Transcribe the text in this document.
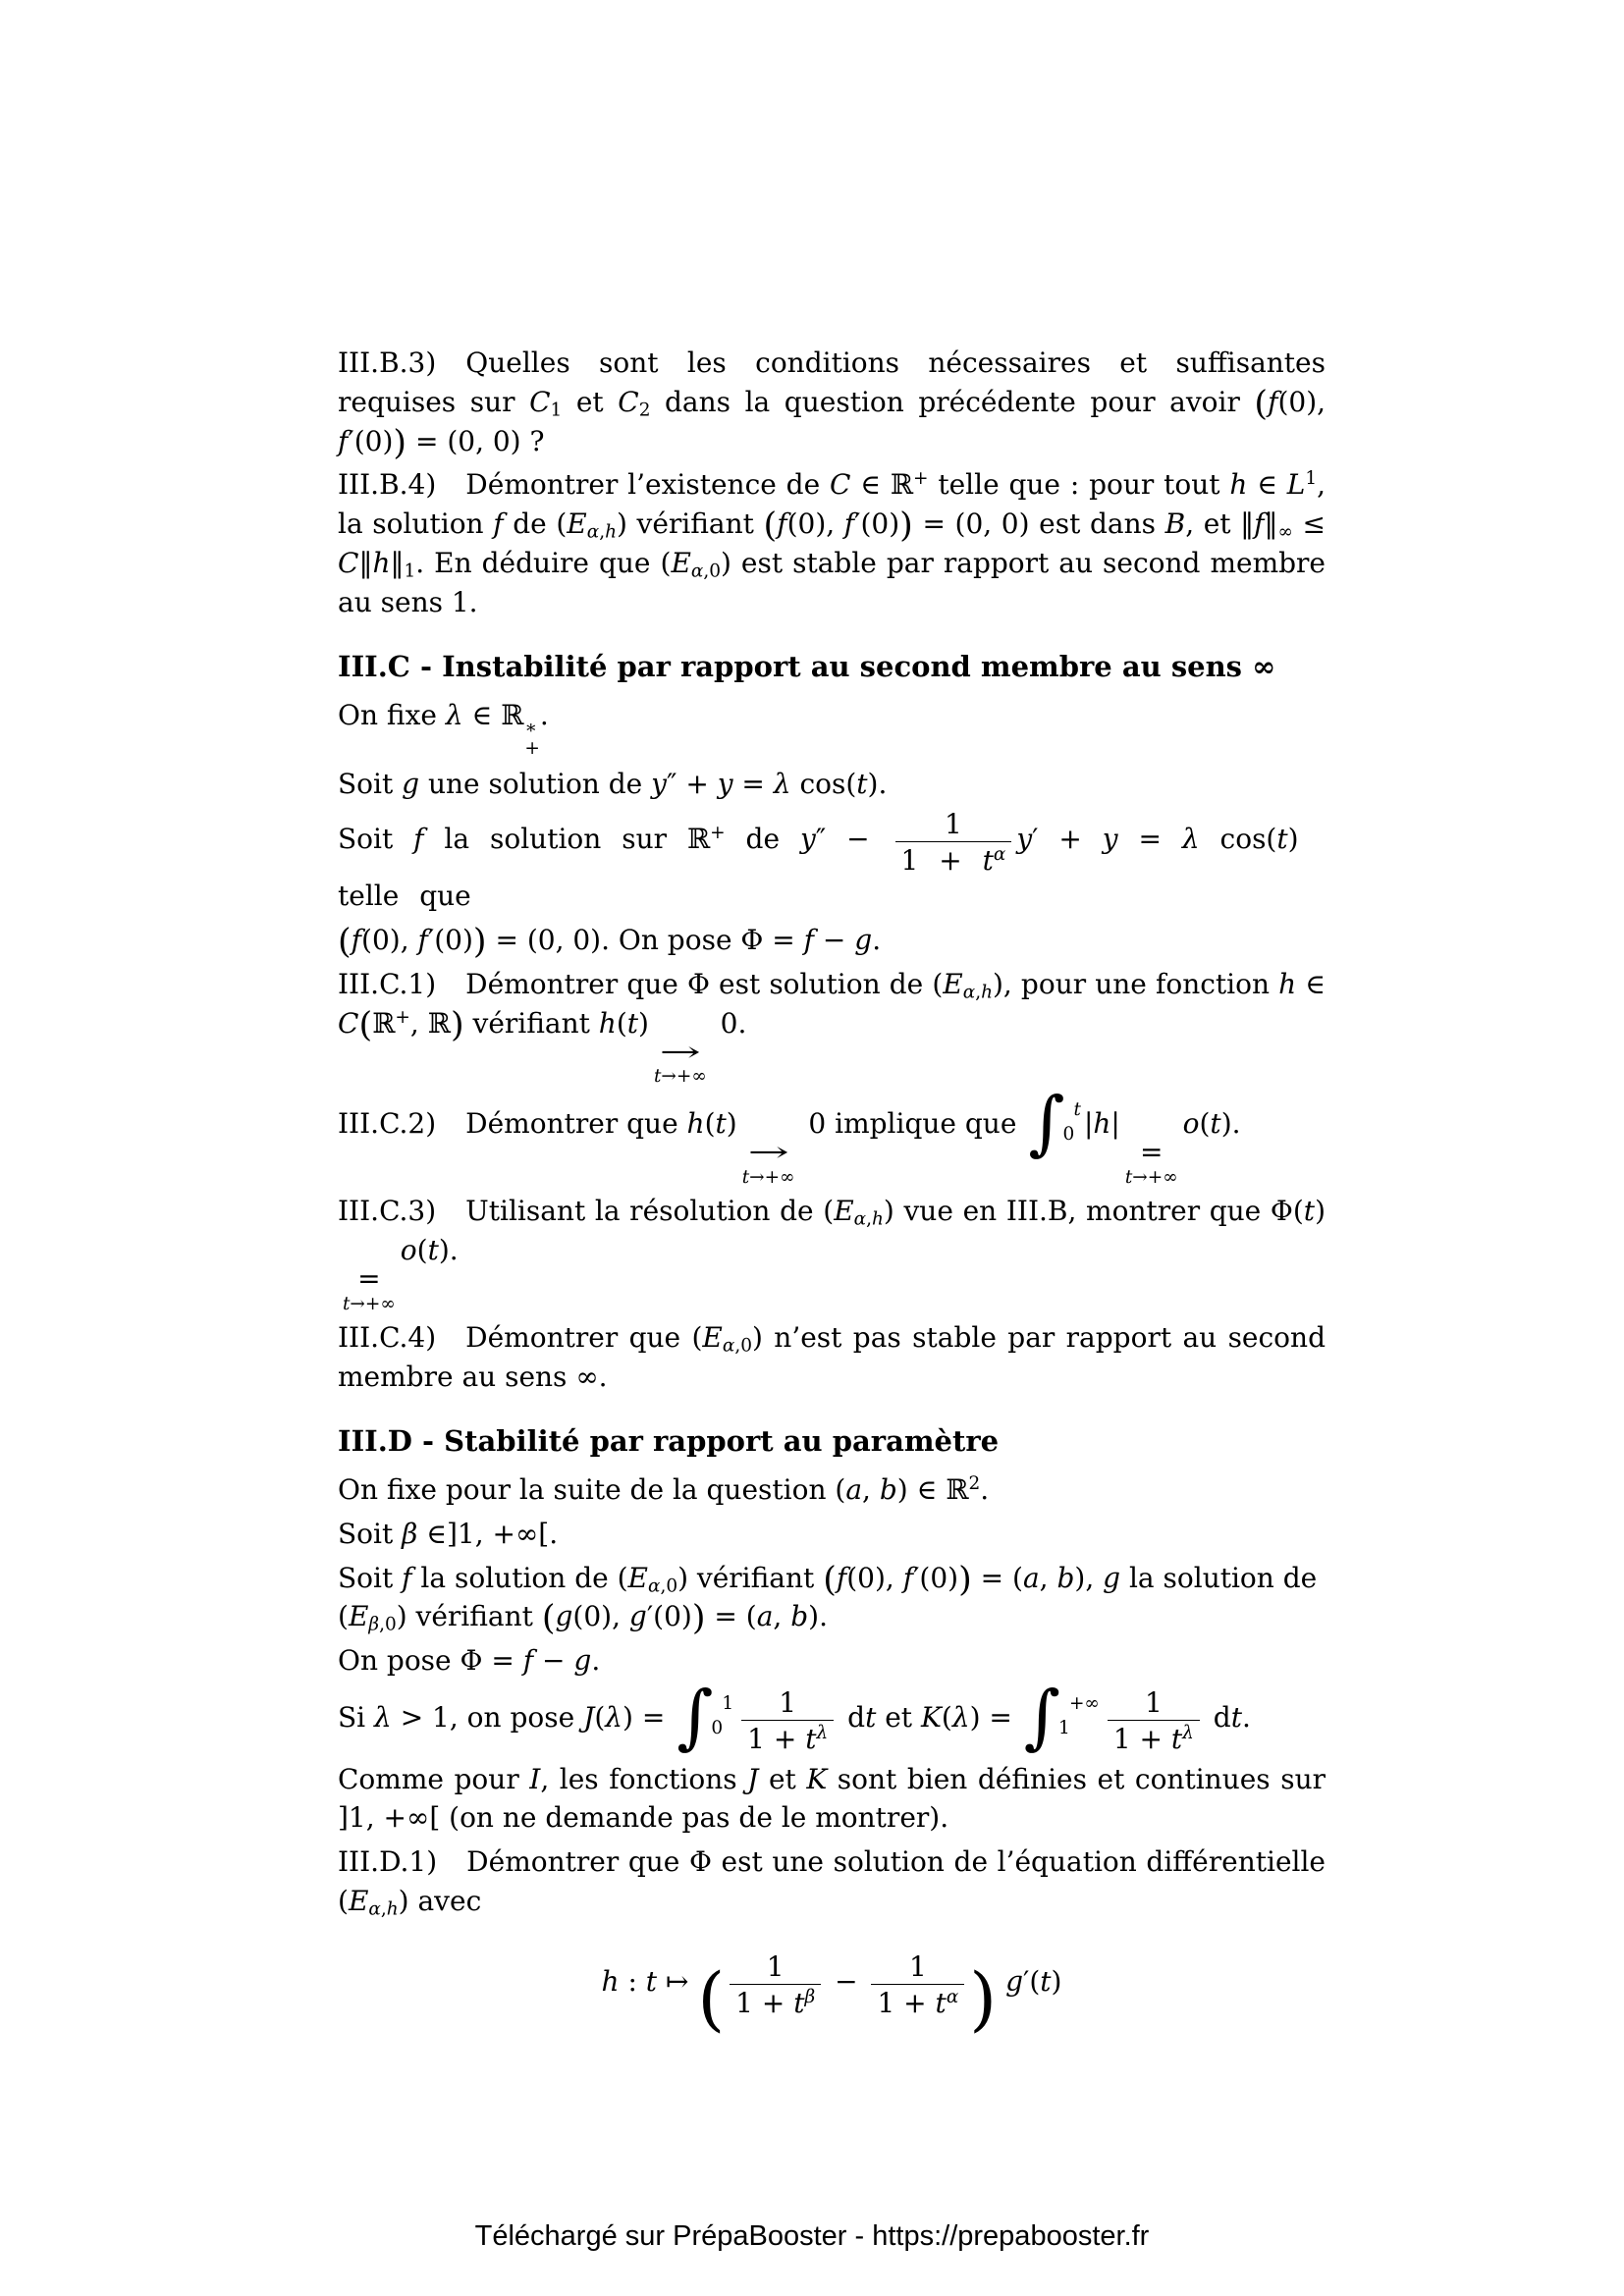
III.B.3) Quelles sont les conditions nécessaires et suffisantes requises sur $C_1$ et $C_2$ dans la question précédente pour avoir (f(0), f′(0)) = (0, 0) ?

III.B.4) Démontrer l’existence de C ∈ ℝ+ telle que : pour tout h ∈ $L^1$, la solution f de $(E_{\alpha,h})$ vérifiant (f(0), f′(0)) = (0, 0) est dans B, et $‖f‖_\infty$ ≤ $C‖h‖_1$. En déduire que $(E_{\alpha,0})$ est stable par rapport au second membre au sens 1.

III.C - Instabilité par rapport au second membre au sens ∞

On fixe λ ∈ ℝ ∗
+
.

Soit g une solution de y″ + y = λ cos(t).

Soit f la solution sur ℝ+ de $y'' - \frac{1}{1 + t^\alpha} y' + y = \lambda$ cos(t) telle que

(f(0), f′(0)) = (0, 0). On pose Φ = f − g.

III.C.1) Démontrer que Φ est solution de $(E_{\alpha,h})$, pour une fonction h ∈ C(ℝ+, ℝ) vérifiant h(t)
→
t→+∞
0.

III.C.2) Démontrer que h(t)
→
t→+∞
0 implique que ∫ t
0 |h|
=
t→+∞
o(t).

III.C.3) Utilisant la résolution de $(E_{\alpha,h})$ vue en III.B, montrer que Φ(t)
=
t→+∞
o(t).

III.C.4) Démontrer que $(E_{\alpha,0})$ n’est pas stable par rapport au second membre au sens ∞.

III.D - Stabilité par rapport au paramètre

On fixe pour la suite de la question (a, b) ∈ ℝ$^2$.

Soit β ∈]1, +∞[.

Soit f la solution de $(E_{\alpha,0})$ vérifiant (f(0), f′(0)) = (a, b), g la solution de $(E_{\beta,0})$ vérifiant (g(0), g′(0)) = (a, b).

On pose Φ = f − g.

Si λ > 1, on pose J(λ) = ∫ 1
$0 \frac{1}{1 + t^\lambda}$ dt et K(λ) = ∫ +∞
1	$\frac{1}{1 + t^\lambda}$ dt.

Comme pour I, les fonctions J et K sont bien définies et continues sur ]1, +∞[ (on ne demande pas de le montrer).

III.D.1) Démontrer que Φ est une solution de l’équation différentielle $(E_{\alpha,h})$ avec

h : t ↦ ( $\frac{1}{1 + t^\beta} - \frac{1}{1 + t^\alpha}$ ) g′(t)
Téléchargé sur PrépaBooster - https://prepabooster.fr
